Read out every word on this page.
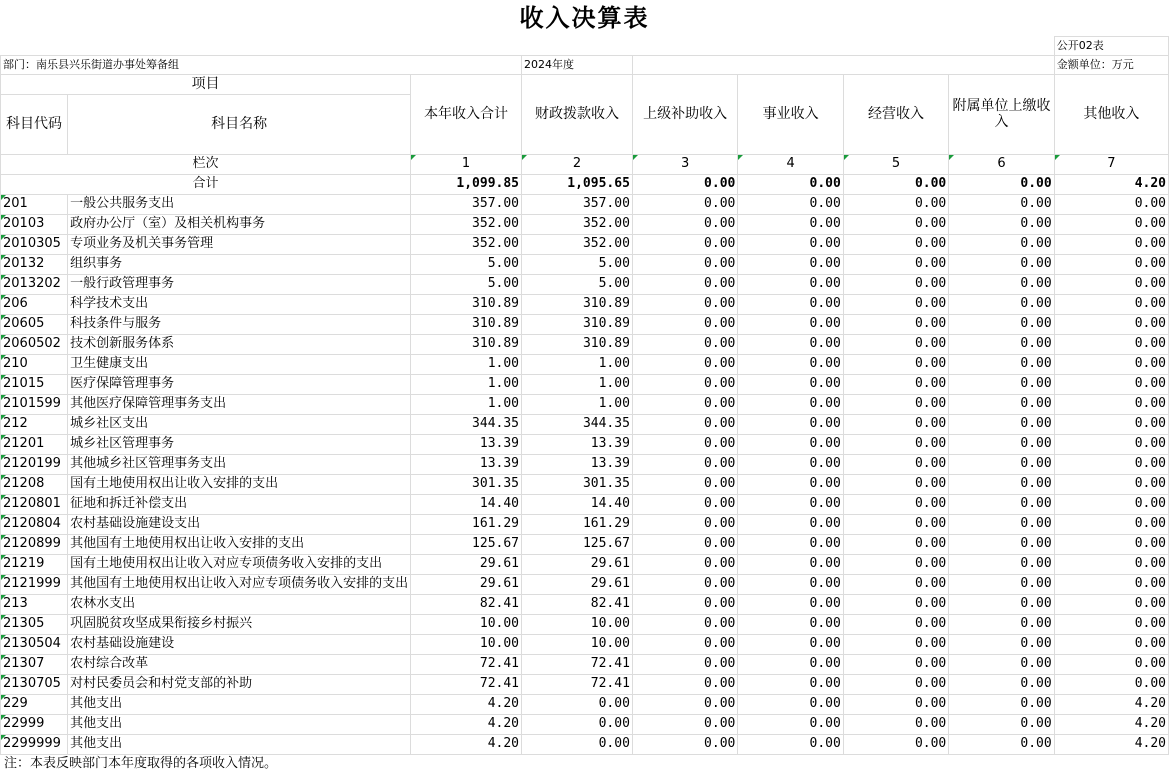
收入决算表								
								公开02表
部门：南乐县兴乐街道办事处筹备组			2024年度					金额单位：万元
项目		本年收入合计	财政拨款收入	上级补助收入	事业收入	经营收入	附属单位上缴收入	其他收入
科目代码	科目名称							
栏次		1	2	3	4	5	6	7
合计		1,099.85	1,095.65	0.00	0.00	0.00	0.00	4.20
201	一般公共服务支出	357.00	357.00	0.00	0.00	0.00	0.00	0.00
20103	政府办公厅（室）及相关机构事务	352.00	352.00	0.00	0.00	0.00	0.00	0.00
2010305	专项业务及机关事务管理	352.00	352.00	0.00	0.00	0.00	0.00	0.00
20132	组织事务	5.00	5.00	0.00	0.00	0.00	0.00	0.00
2013202	一般行政管理事务	5.00	5.00	0.00	0.00	0.00	0.00	0.00
206	科学技术支出	310.89	310.89	0.00	0.00	0.00	0.00	0.00
20605	科技条件与服务	310.89	310.89	0.00	0.00	0.00	0.00	0.00
2060502	技术创新服务体系	310.89	310.89	0.00	0.00	0.00	0.00	0.00
210	卫生健康支出	1.00	1.00	0.00	0.00	0.00	0.00	0.00
21015	医疗保障管理事务	1.00	1.00	0.00	0.00	0.00	0.00	0.00
2101599	其他医疗保障管理事务支出	1.00	1.00	0.00	0.00	0.00	0.00	0.00
212	城乡社区支出	344.35	344.35	0.00	0.00	0.00	0.00	0.00
21201	城乡社区管理事务	13.39	13.39	0.00	0.00	0.00	0.00	0.00
2120199	其他城乡社区管理事务支出	13.39	13.39	0.00	0.00	0.00	0.00	0.00
21208	国有土地使用权出让收入安排的支出	301.35	301.35	0.00	0.00	0.00	0.00	0.00
2120801	征地和拆迁补偿支出	14.40	14.40	0.00	0.00	0.00	0.00	0.00
2120804	农村基础设施建设支出	161.29	161.29	0.00	0.00	0.00	0.00	0.00
2120899	其他国有土地使用权出让收入安排的支出	125.67	125.67	0.00	0.00	0.00	0.00	0.00
21219	国有土地使用权出让收入对应专项债务收入安排的支出	29.61	29.61	0.00	0.00	0.00	0.00	0.00
2121999	其他国有土地使用权出让收入对应专项债务收入安排的支出	29.61	29.61	0.00	0.00	0.00	0.00	0.00
213	农林水支出	82.41	82.41	0.00	0.00	0.00	0.00	0.00
21305	巩固脱贫攻坚成果衔接乡村振兴	10.00	10.00	0.00	0.00	0.00	0.00	0.00
2130504	农村基础设施建设	10.00	10.00	0.00	0.00	0.00	0.00	0.00
21307	农村综合改革	72.41	72.41	0.00	0.00	0.00	0.00	0.00
2130705	对村民委员会和村党支部的补助	72.41	72.41	0.00	0.00	0.00	0.00	0.00
229	其他支出	4.20	0.00	0.00	0.00	0.00	0.00	4.20
22999	其他支出	4.20	0.00	0.00	0.00	0.00	0.00	4.20
2299999	其他支出	4.20	0.00	0.00	0.00	0.00	0.00	4.20
注：本表反映部门本年度取得的各项收入情况。
